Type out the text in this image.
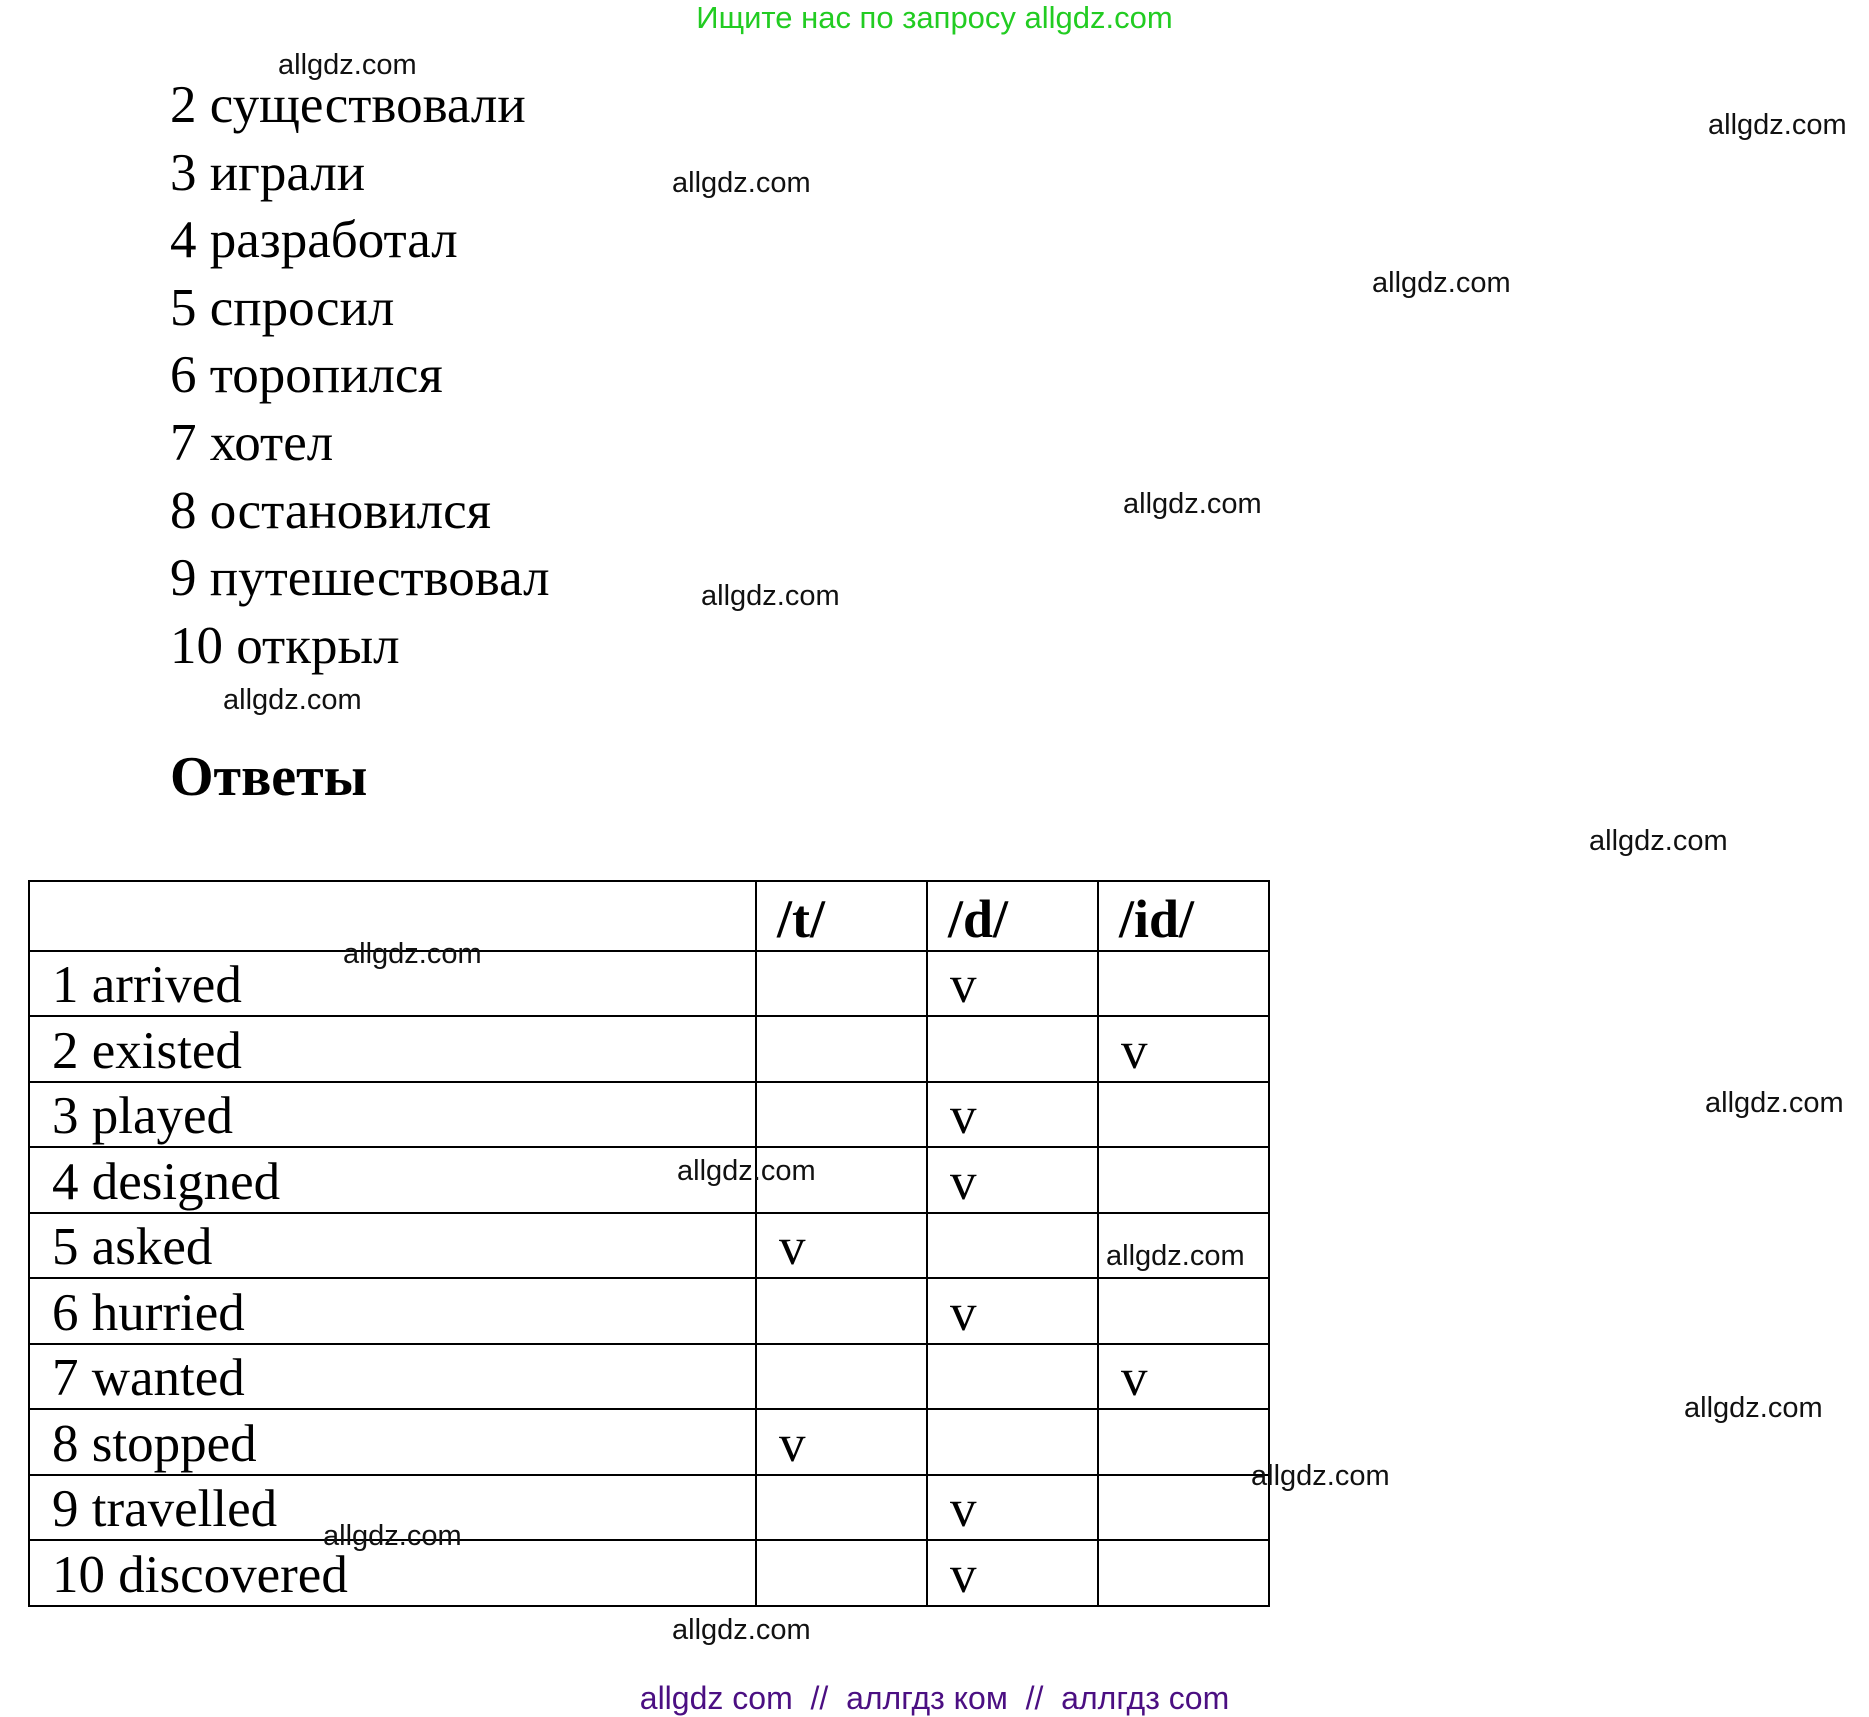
Ищите нас по запросу allgdz.com
2 существовали
3 играли
4 разработал
5 спросил
6 торопился
7 хотел
8 остановился
9 путешествовал
10 открыл
Ответы
	/t/	/d/	/id/
1 arrived		v	
2 existed			v
3 played		v	
4 designed		v	
5 asked	v		
6 hurried		v	
7 wanted			v
8 stopped	v		
9 travelled		v	
10 discovered		v	
allgdz.com
allgdz.com
allgdz.com
allgdz.com
allgdz.com
allgdz.com
allgdz.com
allgdz.com
allgdz.com
allgdz.com
allgdz.com
allgdz.com
allgdz.com
allgdz.com
allgdz.com
allgdz.com
allgdz com  //  аллгдз ком  //  аллгдз com
